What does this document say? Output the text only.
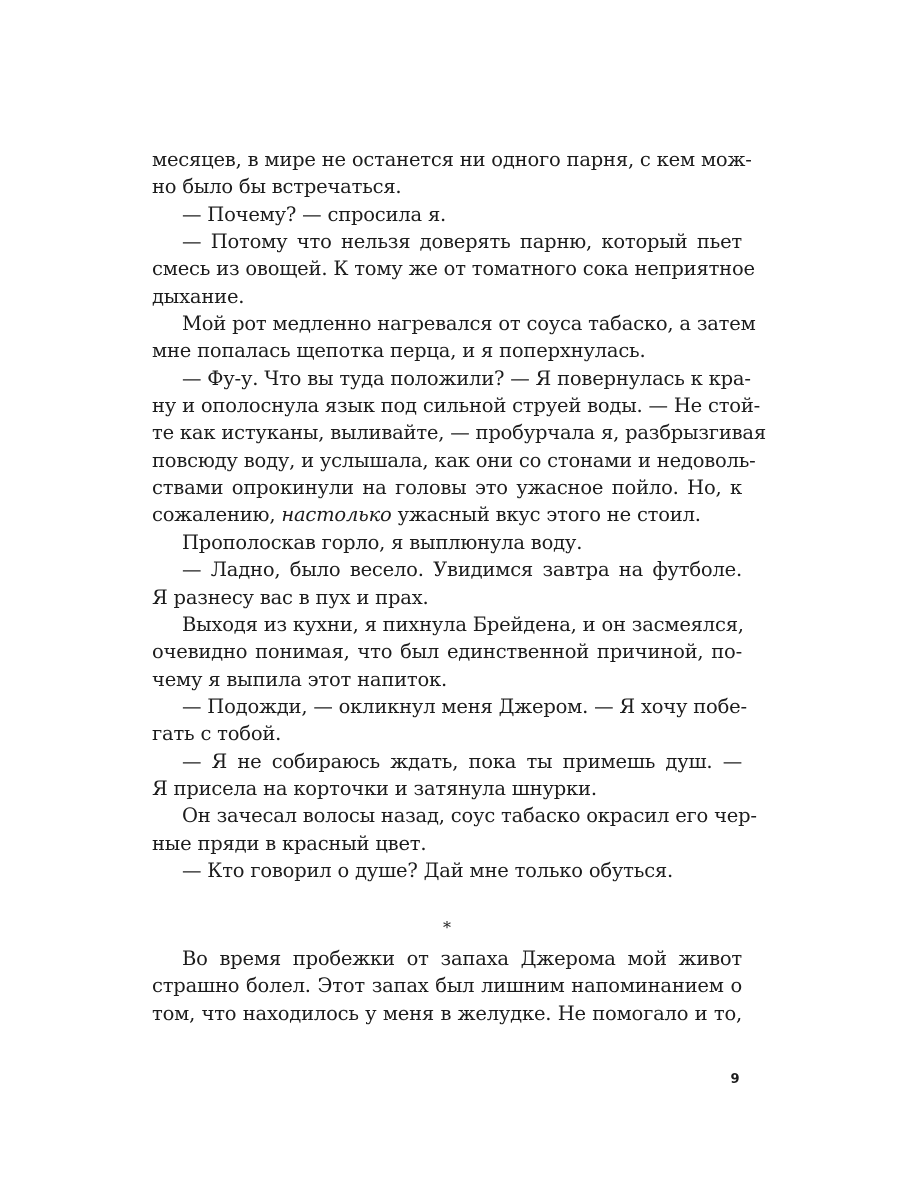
месяцев, в мире не останется ни одного парня, с кем мож-
но было бы встречаться.
— Почему? — спросила я.
— Потому что нельзя доверять парню, который пьет
смесь из овощей. К тому же от томатного сока неприятное
дыхание.
Мой рот медленно нагревался от соуса табаско, а затем
мне попалась щепотка перца, и я поперхнулась.
— Фу-у. Что вы туда положили? — Я повернулась к кра-
ну и ополоснула язык под сильной струей воды. — Не стой-
те как истуканы, выливайте, — пробурчала я, разбрызгивая
повсюду воду, и услышала, как они со стонами и недоволь-
ствами опрокинули на головы это ужасное пойло. Но, к
сожалению, настолько ужасный вкус этого не стоил.
Прополоскав горло, я выплюнула воду.
— Ладно, было весело. Увидимся завтра на футболе.
Я разнесу вас в пух и прах.
Выходя из кухни, я пихнула Брейдена, и он засмеялся,
очевидно понимая, что был единственной причиной, по-
чему я выпила этот напиток.
— Подожди, — окликнул меня Джером. — Я хочу побе-
гать с тобой.
— Я не собираюсь ждать, пока ты примешь душ. —
Я присела на корточки и затянула шнурки.
Он зачесал волосы назад, соус табаско окрасил его чер-
ные пряди в красный цвет.
— Кто говорил о душе? Дай мне только обуться.
*
Во время пробежки от запаха Джерома мой живот
страшно болел. Этот запах был лишним напоминанием о
том, что находилось у меня в желудке. Не помогало и то,
9
